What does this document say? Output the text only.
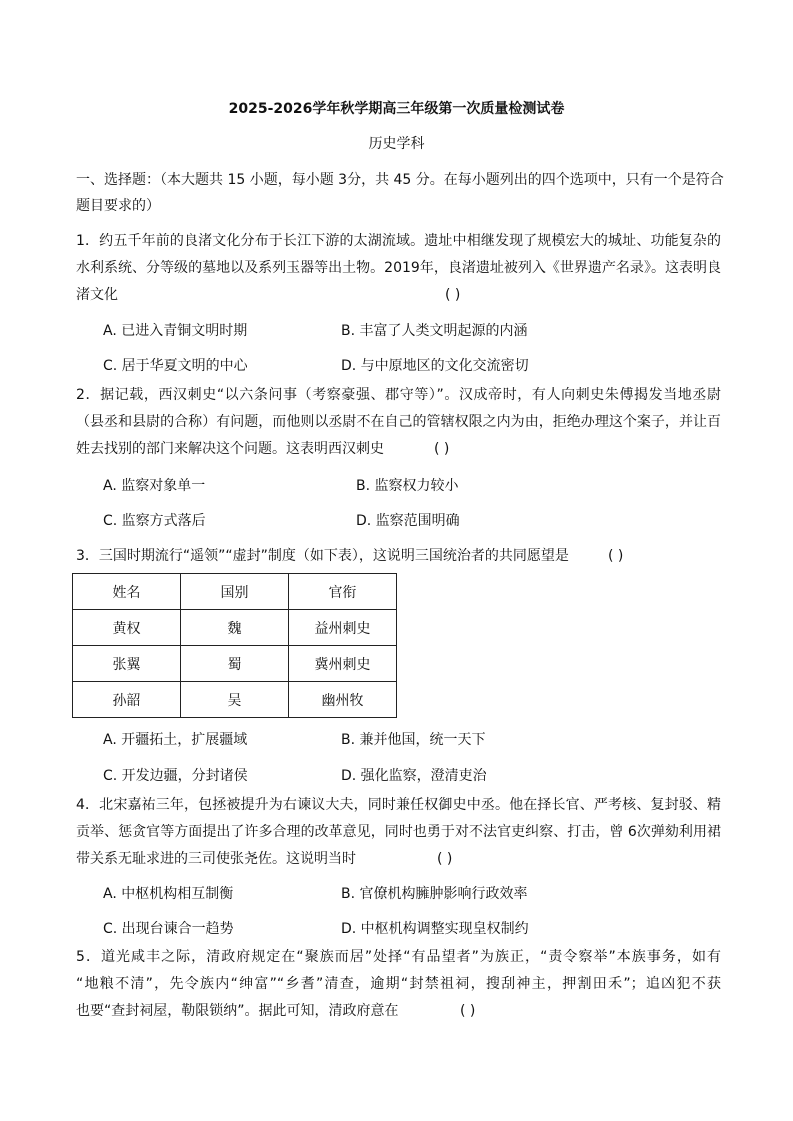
2025-2026学年秋学期高三年级第一次质量检测试卷
历史学科
一、选择题：（本大题共 15 小题，每小题 3分，共 45 分。在每小题列出的四个选项中，只有一个是符合
题目要求的）
1．约五千年前的良渚文化分布于长江下游的太湖流域。遗址中相继发现了规模宏大的城址、功能复杂的
水利系统、分等级的墓地以及系列玉器等出土物。2019年，良渚遗址被列入《世界遗产名录》。这表明良
渚文化	( )
A. 已进入青铜文明时期	B. 丰富了人类文明起源的内涵
C. 居于华夏文明的中心	D. 与中原地区的文化交流密切
2．据记载，西汉刺史“以六条问事（考察豪强、郡守等）”。汉成帝时，有人向刺史朱傅揭发当地丞尉
（县丞和县尉的合称）有问题，而他则以丞尉不在自己的管辖权限之内为由，拒绝办理这个案子，并让百
姓去找别的部门来解决这个问题。这表明西汉刺史	( )
A. 监察对象单一	B. 监察权力较小
C. 监察方式落后	D. 监察范围明确
3．三国时期流行“遥领”“虚封”制度（如下表），这说明三国统治者的共同愿望是	( )
姓名	国别	官衔
黄权	魏	益州刺史
张翼	蜀	冀州刺史
孙韶	吴	幽州牧
A. 开疆拓土，扩展疆域	B. 兼并他国，统一天下
C. 开发边疆，分封诸侯	D. 强化监察，澄清吏治
4．北宋嘉祐三年，包拯被提升为右谏议大夫，同时兼任权御史中丞。他在择长官、严考核、复封驳、精
贡举、惩贪官等方面提出了许多合理的改革意见，同时也勇于对不法官吏纠察、打击，曾 6次弹劾利用裙
带关系无耻求进的三司使张尧佐。这说明当时	( )
A. 中枢机构相互制衡	B. 官僚机构臃肿影响行政效率
C. 出现台谏合一趋势	D. 中枢机构调整实现皇权制约
5．道光咸丰之际，清政府规定在“聚族而居”处择“有品望者”为族正，“责令察举”本族事务，如有
“地粮不清”，先令族内“绅富”“乡耆”清查，逾期“封禁祖祠，搜刮神主，押割田禾”；追凶犯不获
也要“查封祠屋，勒限锁纳”。据此可知，清政府意在	( )
